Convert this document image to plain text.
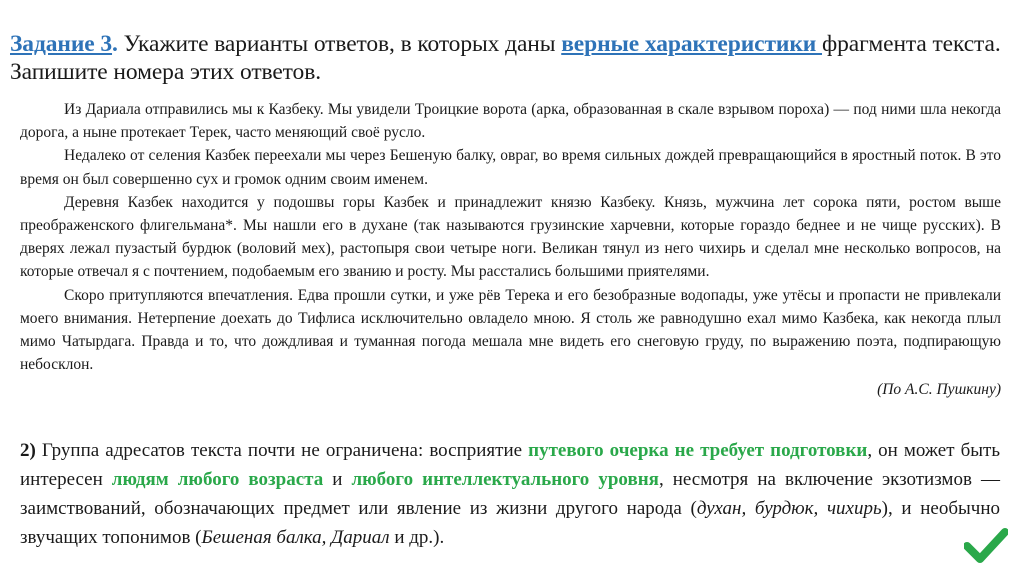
Задание 3. Укажите варианты ответов, в которых даны верные характеристики фрагмента текста. Запишите номера этих ответов.

Из Дариала отправились мы к Казбеку. Мы увидели Троицкие ворота (арка, образованная в скале взрывом пороха) — под ними шла некогда дорога, а ныне протекает Терек, часто меняющий своё русло.

Недалеко от селения Казбек переехали мы через Бешеную балку, овраг, во время сильных дождей превращающийся в яростный поток. В это время он был совершенно сух и громок одним своим именем.

Деревня Казбек находится у подошвы горы Казбек и принадлежит князю Казбеку. Князь, мужчина лет сорока пяти, ростом выше преображенского флигельмана*. Мы нашли его в духане (так называются грузинские харчевни, которые гораздо беднее и не чище русских). В дверях лежал пузастый бурдюк (воловий мех), растопыря свои четыре ноги. Великан тянул из него чихирь и сделал мне несколько вопросов, на которые отвечал я с почтением, подобаемым его званию и росту. Мы расстались большими приятелями.

Скоро притупляются впечатления. Едва прошли сутки, и уже рёв Терека и его безобразные водопады, уже утёсы и пропасти не привлекали моего внимания. Нетерпение доехать до Тифлиса исключительно овладело мною. Я столь же равнодушно ехал мимо Казбека, как некогда плыл мимо Чатырдага. Правда и то, что дождливая и туманная погода мешала мне видеть его снеговую груду, по выражению поэта, подпирающую небосклон.

(По А.С. Пушкину)
2) Группа адресатов текста почти не ограничена: восприятие путевого очерка не требует подготовки, он может быть интересен людям любого возраста и любого интеллектуального уровня, несмотря на включение экзотизмов — заимствований, обозначающих предмет или явление из жизни другого народа (духан, бурдюк, чихирь), и необычно звучащих топонимов (Бешеная балка, Дариал и др.).
